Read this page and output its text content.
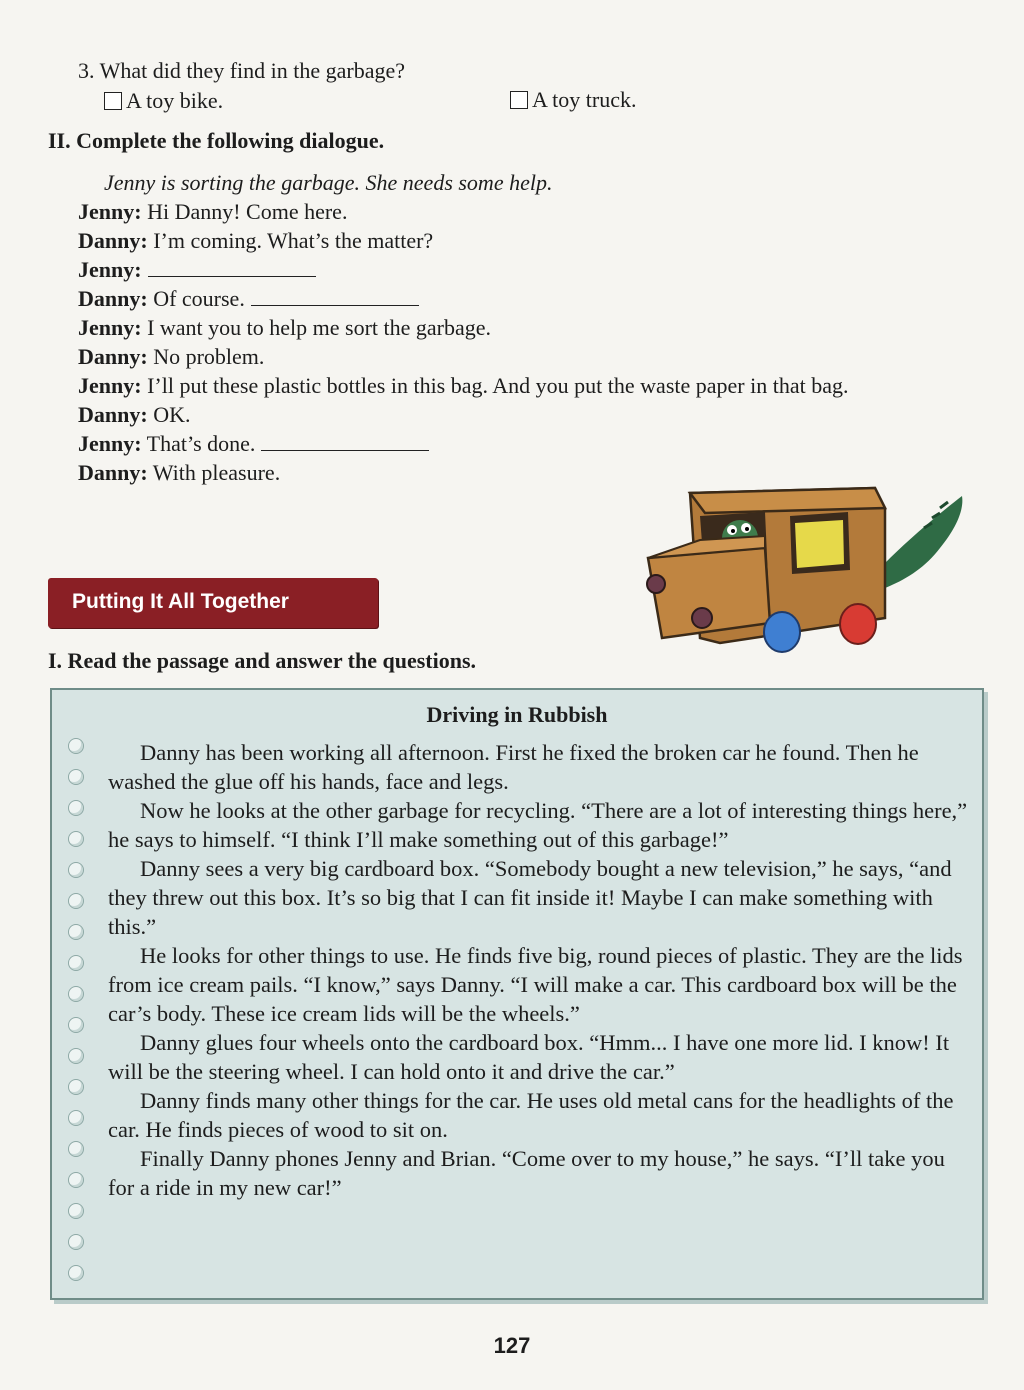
3. What did they find in the garbage?
A toy bike.	A toy truck.
II. Complete the following dialogue.
Jenny is sorting the garbage. She needs some help.
Jenny: Hi Danny! Come here.
Danny: I’m coming. What’s the matter?
Jenny:
Danny: Of course.
Jenny: I want you to help me sort the garbage.
Danny: No problem.
Jenny: I’ll put these plastic bottles in this bag. And you put the waste paper in that bag.
Danny: OK.
Jenny: That’s done.
Danny: With pleasure.
Putting It All Together
I. Read the passage and answer the questions.
Driving in Rubbish

Danny has been working all afternoon. First he fixed the broken car he found. Then he washed the glue off his hands, face and legs.

Now he looks at the other garbage for recycling. “There are a lot of interesting things here,” he says to himself. “I think I’ll make something out of this garbage!”

Danny sees a very big cardboard box. “Somebody bought a new television,” he says, “and they threw out this box. It’s so big that I can fit inside it! Maybe I can make something with this.”

He looks for other things to use. He finds five big, round pieces of plastic. They are the lids from ice cream pails. “I know,” says Danny. “I will make a car. This cardboard box will be the car’s body. These ice cream lids will be the wheels.”

Danny glues four wheels onto the cardboard box. “Hmm... I have one more lid. I know! It will be the steering wheel. I can hold onto it and drive the car.”

Danny finds many other things for the car. He uses old metal cans for the headlights of the car. He finds pieces of wood to sit on.

Finally Danny phones Jenny and Brian. “Come over to my house,” he says. “I’ll take you for a ride in my new car!”

127
